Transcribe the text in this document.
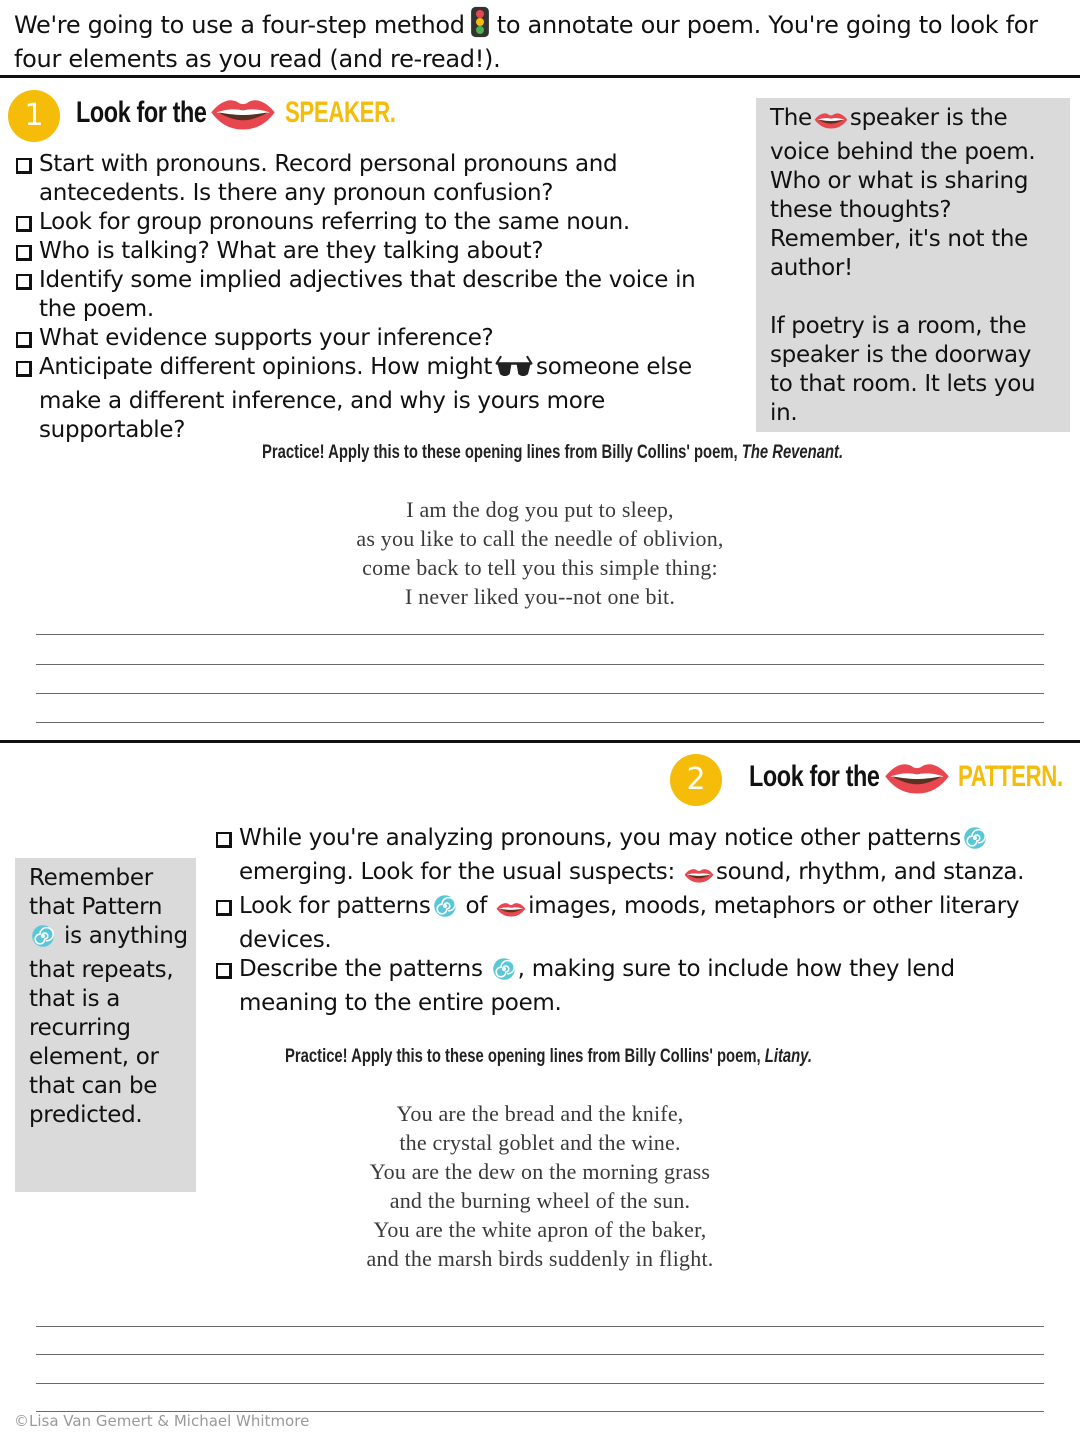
We're going to use a four-step method to annotate our poem. You're going to look for four elements as you read (and re-read!).
1	Look for the	SPEAKER.
Start with pronouns. Record personal pronouns and antecedents. Is there any pronoun confusion?
Look for group pronouns referring to the same noun.
Who is talking? What are they talking about?
Identify some implied adjectives that describe the voice in the poem.
What evidence supports your inference?
Anticipate different opinions. How might someone else make a different inference, and why is yours more supportable?

The speaker is the voice behind the poem. Who or what is sharing these thoughts? Remember, it's not the author!

If poetry is a room, the speaker is the doorway to that room. It lets you in.

Practice! Apply this to these opening lines from Billy Collins' poem, The Revenant.
I am the dog you put to sleep,
as you like to call the needle of oblivion,
come back to tell you this simple thing:
I never liked you--not one bit.
2	Look for the	PATTERN.
While you're analyzing pronouns, you may notice other patterns emerging. Look for the usual suspects: sound, rhythm, and stanza.
Look for patterns of images, moods, metaphors or other literary devices.
Describe the patterns , making sure to include how they lend meaning to the entire poem.

Remember that Pattern is anything that repeats, that is a recurring element, or that can be predicted.

Practice! Apply this to these opening lines from Billy Collins' poem, Litany.
You are the bread and the knife,
the crystal goblet and the wine.
You are the dew on the morning grass
and the burning wheel of the sun.
You are the white apron of the baker,
and the marsh birds suddenly in flight.
©Lisa Van Gemert & Michael Whitmore
